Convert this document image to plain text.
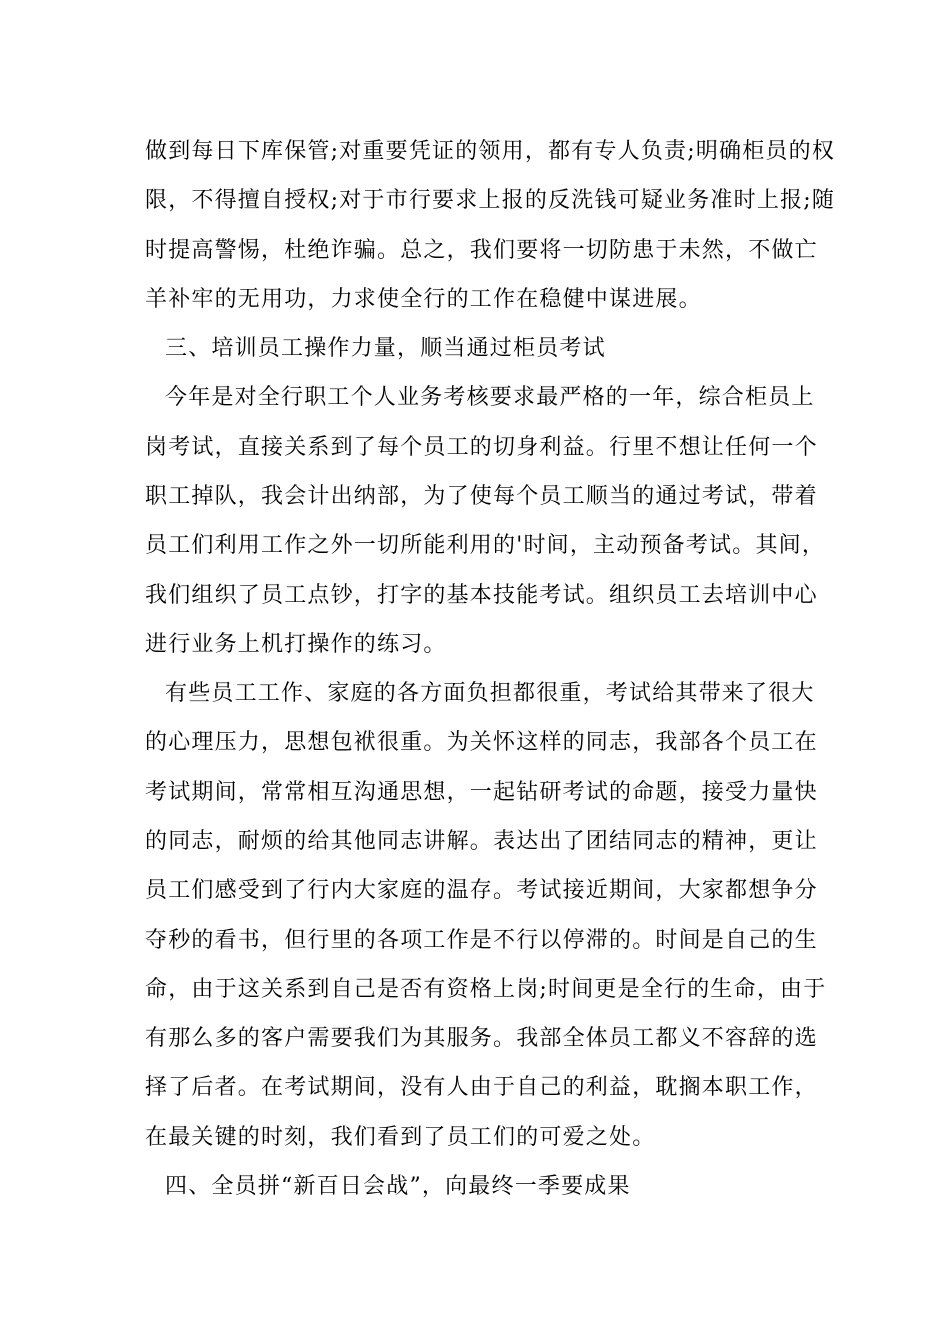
做到每日下库保管;对重要凭证的领用，都有专人负责;明确柜员的权
限，不得擅自授权;对于市行要求上报的反洗钱可疑业务准时上报;随
时提高警惕，杜绝诈骗。总之，我们要将一切防患于未然，不做亡
羊补牢的无用功，力求使全行的工作在稳健中谋进展。
三、培训员工操作力量，顺当通过柜员考试
今年是对全行职工个人业务考核要求最严格的一年，综合柜员上
岗考试，直接关系到了每个员工的切身利益。行里不想让任何一个
职工掉队，我会计出纳部，为了使每个员工顺当的通过考试，带着
员工们利用工作之外一切所能利用的'时间，主动预备考试。其间，
我们组织了员工点钞，打字的基本技能考试。组织员工去培训中心
进行业务上机打操作的练习。
有些员工工作、家庭的各方面负担都很重，考试给其带来了很大
的心理压力，思想包袱很重。为关怀这样的同志，我部各个员工在
考试期间，常常相互沟通思想，一起钻研考试的命题，接受力量快
的同志，耐烦的给其他同志讲解。表达出了团结同志的精神，更让
员工们感受到了行内大家庭的温存。考试接近期间，大家都想争分
夺秒的看书，但行里的各项工作是不行以停滞的。时间是自己的生
命，由于这关系到自己是否有资格上岗;时间更是全行的生命，由于
有那么多的客户需要我们为其服务。我部全体员工都义不容辞的选
择了后者。在考试期间，没有人由于自己的利益，耽搁本职工作，
在最关键的时刻，我们看到了员工们的可爱之处。
四、全员拼“新百日会战”，向最终一季要成果
